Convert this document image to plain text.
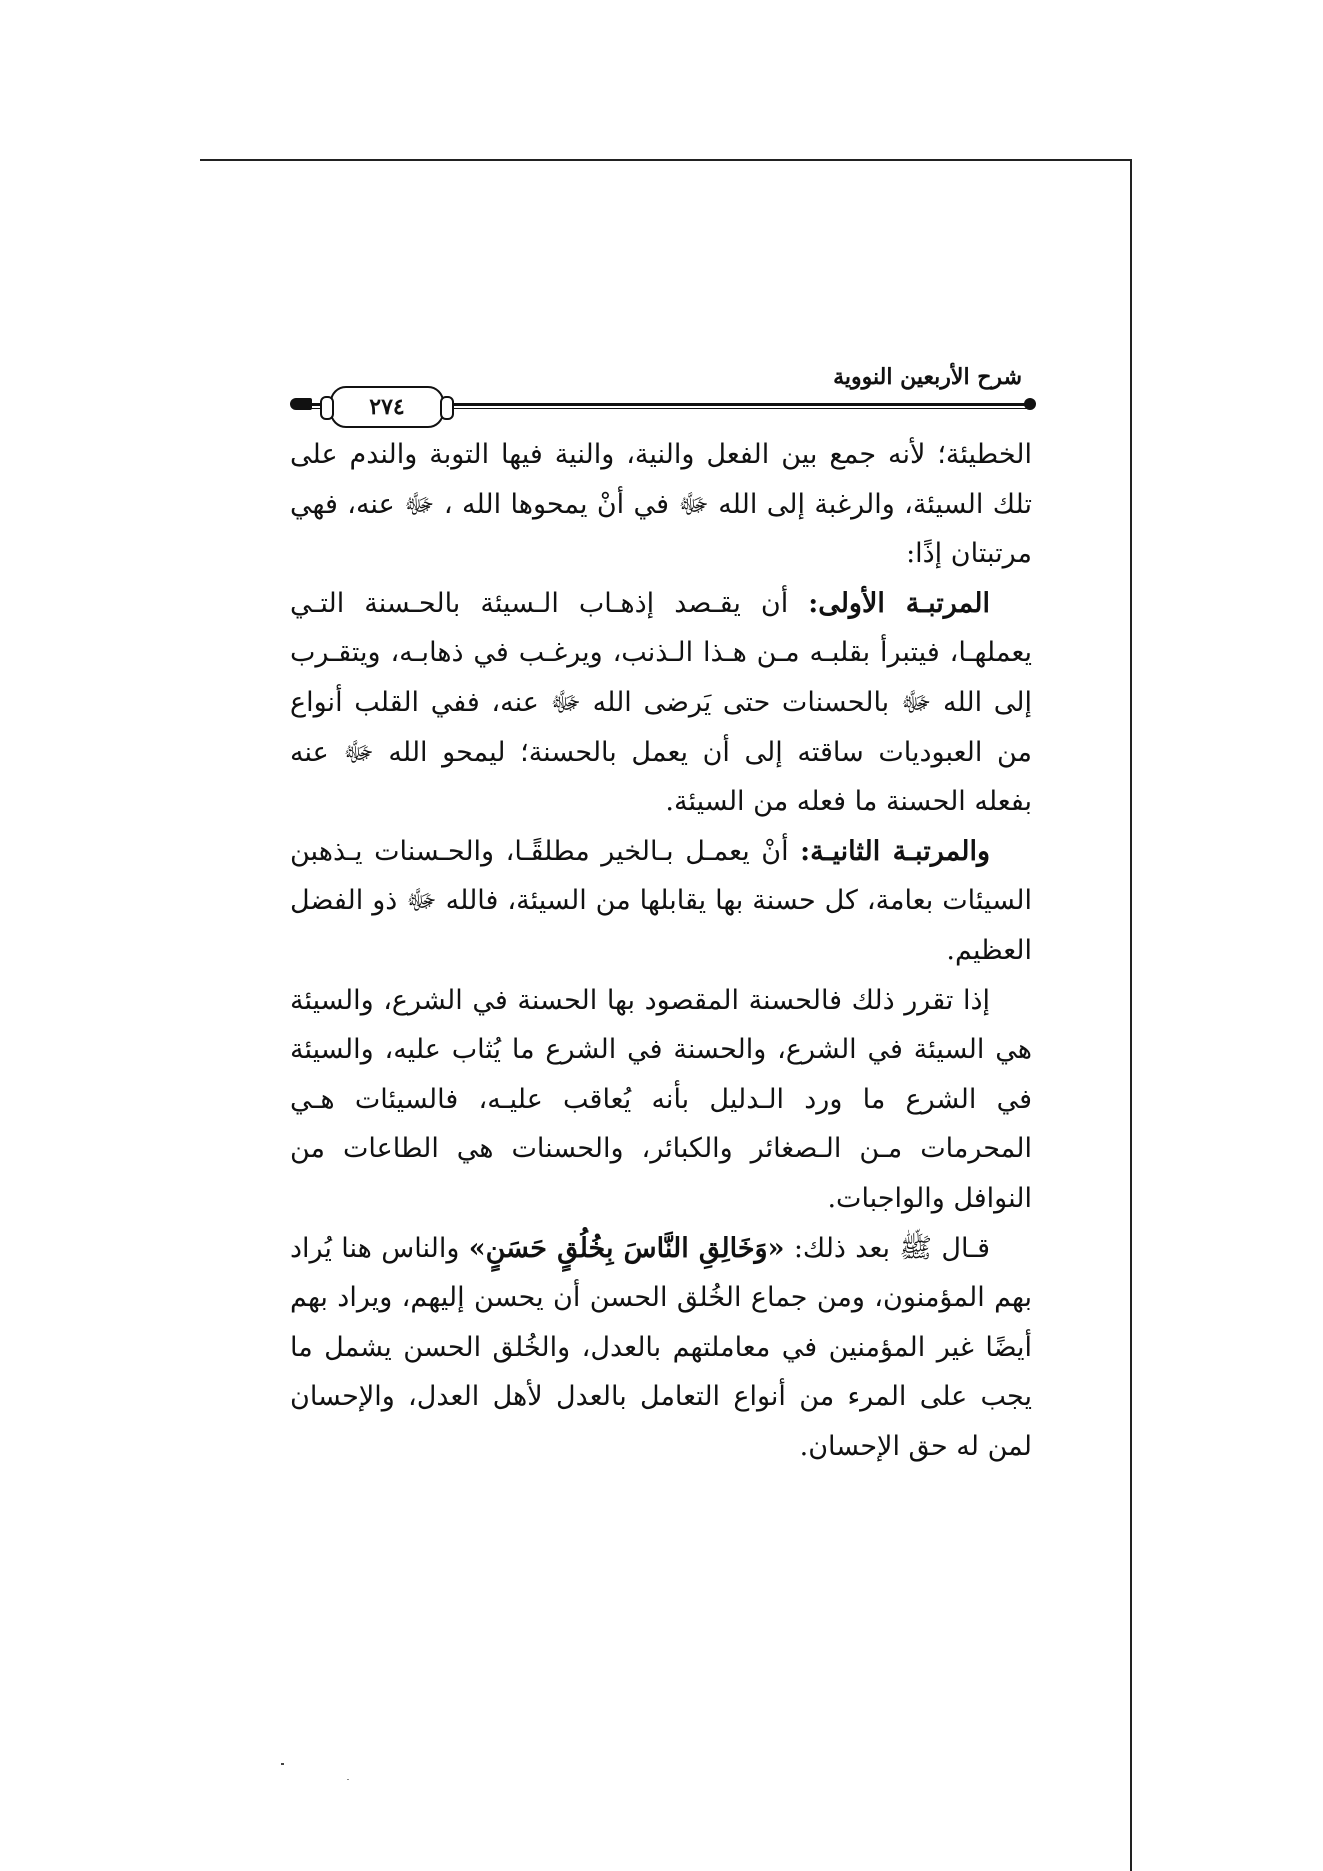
شرح الأربعين النووية
٢٧٤

الخطيئة؛ لأنه جمع بين الفعل والنية، والنية فيها التوبة والندم على تلك السيئة، والرغبة إلى الله ﷻ في أنْ يمحوها الله ، ﷻ عنه، فهي مرتبتان إذًا:

المرتبـة الأولى: أن يقـصد إذهـاب الـسيئة بالحـسنة التـي يعملهـا، فيتبرأ بقلبـه مـن هـذا الـذنب، ويرغـب في ذهابـه، ويتقـرب إلى الله ﷻ بالحسنات حتى يَرضى الله ﷻ عنه، ففي القلب أنواع من العبوديات ساقته إلى أن يعمل بالحسنة؛ ليمحو الله ﷻ عنه بفعله الحسنة ما فعله من السيئة.

والمرتبـة الثانيـة: أنْ يعمـل بـالخير مطلقًـا، والحـسنات يـذهبن السيئات بعامة، كل حسنة بها يقابلها من السيئة، فالله ﷻ ذو الفضل العظيم.

إذا تقرر ذلك فالحسنة المقصود بها الحسنة في الشرع، والسيئة هي السيئة في الشرع، والحسنة في الشرع ما يُثاب عليه، والسيئة في الشرع ما ورد الـدليل بأنه يُعاقب عليـه، فالسيئات هـي المحرمات مـن الـصغائر والكبائر، والحسنات هي الطاعات من النوافل والواجبات.

قـال ﷺ بعد ذلك: «وَخَالِقِ النَّاسَ بِخُلُقٍ حَسَنٍ» والناس هنا يُراد بهم المؤمنون، ومن جماع الخُلق الحسن أن يحسن إليهم، ويراد بهم أيضًا غير المؤمنين في معاملتهم بالعدل، والخُلق الحسن يشمل ما يجب على المرء من أنواع التعامل بالعدل لأهل العدل، والإحسان لمن له حق الإحسان.
